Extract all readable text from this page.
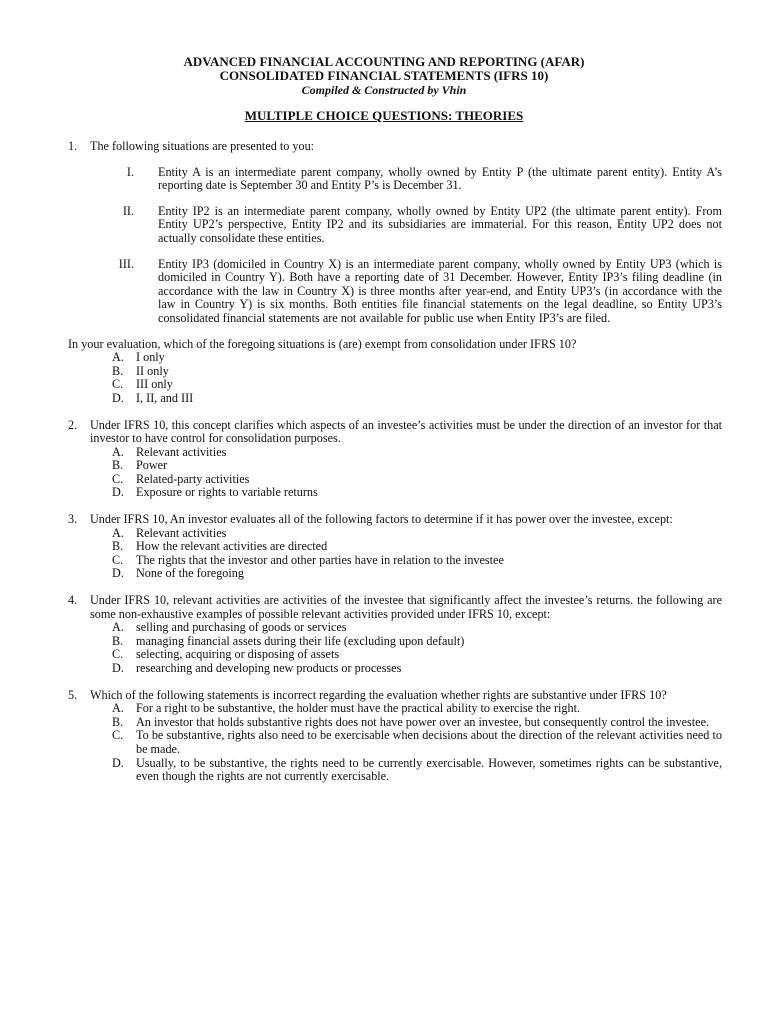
ADVANCED FINANCIAL ACCOUNTING AND REPORTING (AFAR)
CONSOLIDATED FINANCIAL STATEMENTS (IFRS 10)
Compiled & Constructed by Vhin
MULTIPLE CHOICE QUESTIONS: THEORIES
1.	The following situations are presented to you:
I.	Entity A is an intermediate parent company, wholly owned by Entity P (the ultimate parent entity). Entity A’s reporting date is September 30 and Entity P’s is December 31.
II.	Entity IP2 is an intermediate parent company, wholly owned by Entity UP2 (the ultimate parent entity). From Entity UP2’s perspective, Entity IP2 and its subsidiaries are immaterial. For this reason, Entity UP2 does not actually consolidate these entities.
III.	Entity IP3 (domiciled in Country X) is an intermediate parent company, wholly owned by Entity UP3 (which is domiciled in Country Y). Both have a reporting date of 31 December. However, Entity IP3’s filing deadline (in accordance with the law in Country X) is three months after year-end, and Entity UP3’s (in accordance with the law in Country Y) is six months. Both entities file financial statements on the legal deadline, so Entity UP3’s consolidated financial statements are not available for public use when Entity IP3’s are filed.
In your evaluation, which of the foregoing situations is (are) exempt from consolidation under IFRS 10?
A. I only
B.	II only
C.	III only
D. I, II, and III
2.	Under IFRS 10, this concept clarifies which aspects of an investee’s activities must be under the direction of an investor for that investor to have control for consolidation purposes.
A. Relevant activities
B.	Power
C.	Related-party activities
D. Exposure or rights to variable returns
3.	Under IFRS 10, An investor evaluates all of the following factors to determine if it has power over the investee, except:
A. Relevant activities
B.	How the relevant activities are directed
C.	The rights that the investor and other parties have in relation to the investee
D. None of the foregoing
4.	Under IFRS 10, relevant activities are activities of the investee that significantly affect the investee’s returns. the following are some non-exhaustive examples of possible relevant activities provided under IFRS 10, except:
A. selling and purchasing of goods or services
B.	managing financial assets during their life (excluding upon default)
C.	selecting, acquiring or disposing of assets
D. researching and developing new products or processes
5.	Which of the following statements is incorrect regarding the evaluation whether rights are substantive under IFRS 10?
A. For a right to be substantive, the holder must have the practical ability to exercise the right.
B.	An investor that holds substantive rights does not have power over an investee, but consequently control the investee.
C.	To be substantive, rights also need to be exercisable when decisions about the direction of the relevant activities need to be made.
D. Usually, to be substantive, the rights need to be currently exercisable. However, sometimes rights can be substantive, even though the rights are not currently exercisable.
